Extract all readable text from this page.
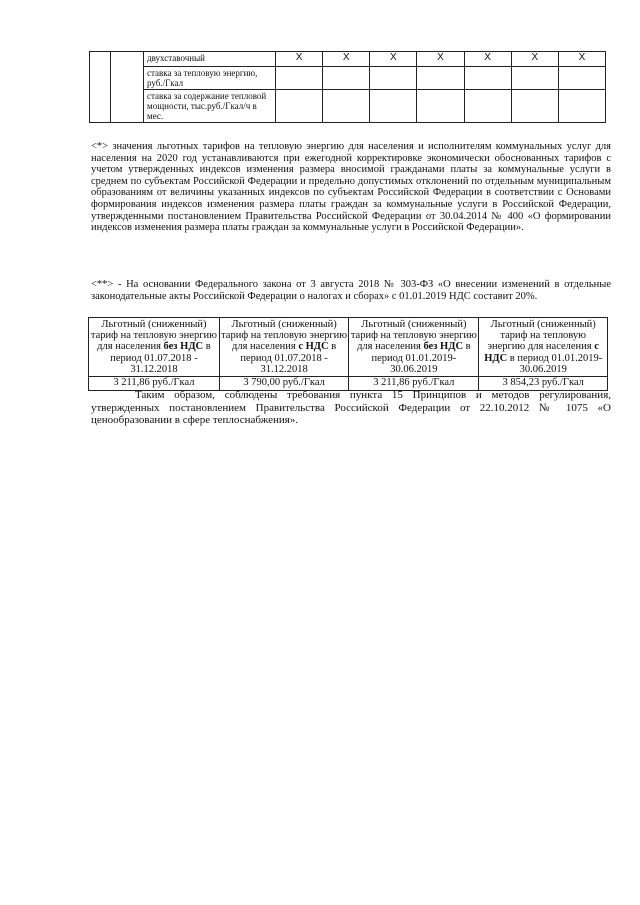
		двухставочный	X	X	X	X	X	X	X
		ставка за тепловую энергию, руб./Гкал							
		ставка за содержание тепловой мощности, тыс.руб./Гкал/ч в мес.							
<*> значения льготных тарифов на тепловую энергию для населения и исполнителям коммунальных услуг для населения на 2020 год устанавливаются при ежегодной корректировке экономически обоснованных тарифов с учетом утвержденных индексов изменения размера вносимой гражданами платы за коммунальные услуги в среднем по субъектам Российской Федерации и предельно допустимых отклонений по отдельным муниципальным образованиям от величины указанных индексов по субъектам Российской Федерации в соответствии с Основами формирования индексов изменения размера платы граждан за коммунальные услуги в Российской Федерации, утвержденными постановлением Правительства Российской Федерации от 30.04.2014 № 400 «О формировании индексов изменения размера платы граждан за коммунальные услуги в Российской Федерации».
<**> - На основании Федерального закона от 3 августа 2018 № 303-ФЗ «О внесении изменений в отдельные законодательные акты Российской Федерации о налогах и сборах» с 01.01.2019 НДС составит 20%.
Льготный (сниженный) тариф на тепловую энергию для населения без НДС в период 01.07.2018 - 31.12.2018	Льготный (сниженный) тариф на тепловую энергию для населения с НДС в период 01.07.2018 - 31.12.2018	Льготный (сниженный) тариф на тепловую энергию для населения без НДС в период 01.01.2019-30.06.2019	Льготный (сниженный) тариф на тепловую энергию для населения с НДС в период 01.01.2019-30.06.2019
3 211,86 руб./Гкал	3 790,00 руб./Гкал	3 211,86 руб./Гкал	3 854,23 руб./Гкал
Таким образом, соблюдены требования пункта 15 Принципов и методов регулирования, утвержденных постановлением Правительства Российской Федерации от 22.10.2012 № 1075 «О ценообразовании в сфере теплоснабжения».
